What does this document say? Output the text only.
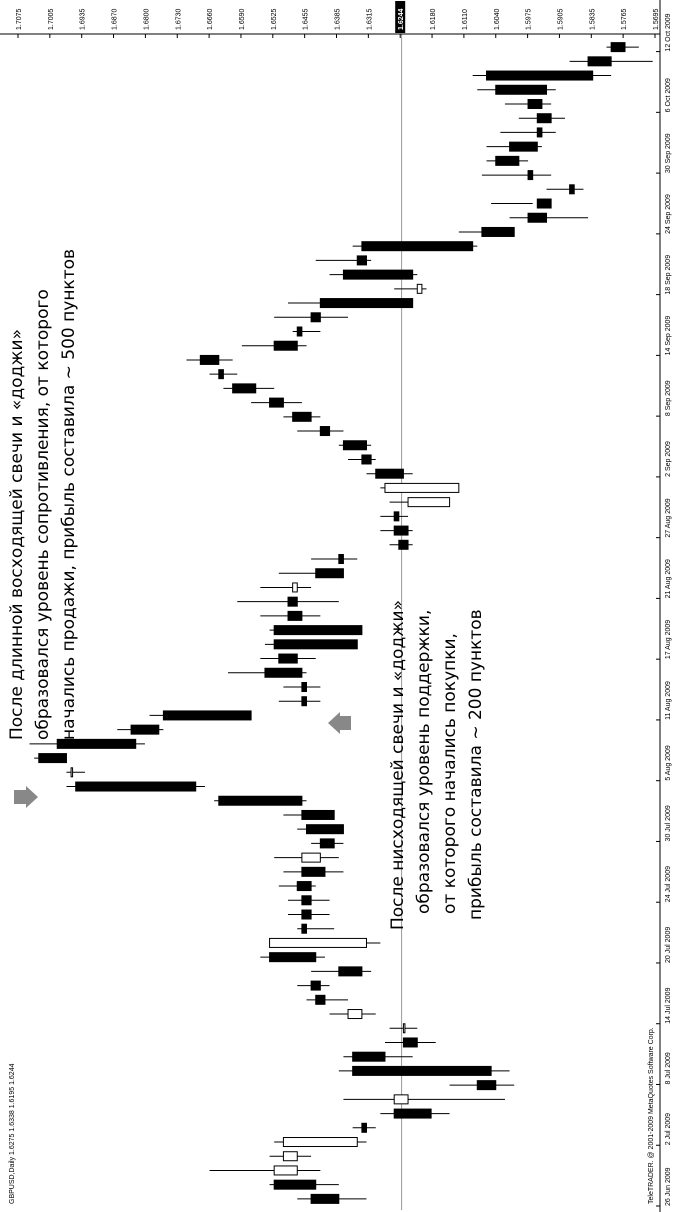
1.7075	1.7005	1.6935	1.6870	1.6800	1.6730	1.6660	1.6590	1.6525	1.6455	1.6385	1.6315	1.6244	1.6180	1.6110	1.6040	1.5975	1.5905	1.5835	1.5765	1.5695
26 Jun 2009
2 Jul 2009
8 Jul 2009
14 Jul 2009
20 Jul 2009
24 Jul 2009
30 Jul 2009
5 Aug 2009
11 Aug 2009
17 Aug 2009
21 Aug 2009
27 Aug 2009
2 Sep 2009
8 Sep 2009
14 Sep 2009
18 Sep 2009
24 Sep 2009
30 Sep 2009
6 Oct 2009
12 Oct 2009
GBPUSD,Daily 1.6275 1.6338 1.6195 1.6244	TeleTRADER. @ 2001-2009 MetaQuotes Software Corp.
После длинной восходящей свечи и «доджи» образовался уровень сопротивления, от которого начались продажи, прибыль составила ~ 500 пунктов
После нисходящей свечи и «доджи» образовался уровень поддержки, от которого начались покупки, прибыль составила ~ 200 пунктов
